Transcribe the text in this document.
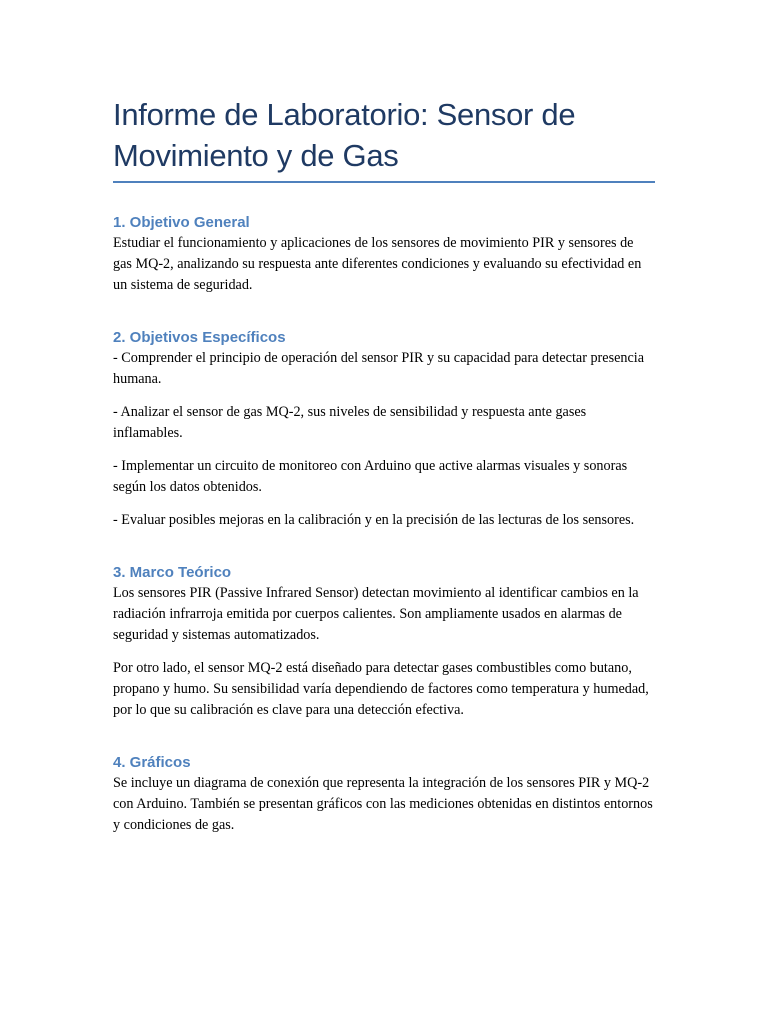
Informe de Laboratorio: Sensor de Movimiento y de Gas
1. Objetivo General

Estudiar el funcionamiento y aplicaciones de los sensores de movimiento PIR y sensores de gas MQ-2, analizando su respuesta ante diferentes condiciones y evaluando su efectividad en un sistema de seguridad.

2. Objetivos Específicos

- Comprender el principio de operación del sensor PIR y su capacidad para detectar presencia humana.

- Analizar el sensor de gas MQ-2, sus niveles de sensibilidad y respuesta ante gases inflamables.

- Implementar un circuito de monitoreo con Arduino que active alarmas visuales y sonoras según los datos obtenidos.

- Evaluar posibles mejoras en la calibración y en la precisión de las lecturas de los sensores.

3. Marco Teórico

Los sensores PIR (Passive Infrared Sensor) detectan movimiento al identificar cambios en la radiación infrarroja emitida por cuerpos calientes. Son ampliamente usados en alarmas de seguridad y sistemas automatizados.

Por otro lado, el sensor MQ-2 está diseñado para detectar gases combustibles como butano, propano y humo. Su sensibilidad varía dependiendo de factores como temperatura y humedad, por lo que su calibración es clave para una detección efectiva.

4. Gráficos

Se incluye un diagrama de conexión que representa la integración de los sensores PIR y MQ-2 con Arduino. También se presentan gráficos con las mediciones obtenidas en distintos entornos y condiciones de gas.
